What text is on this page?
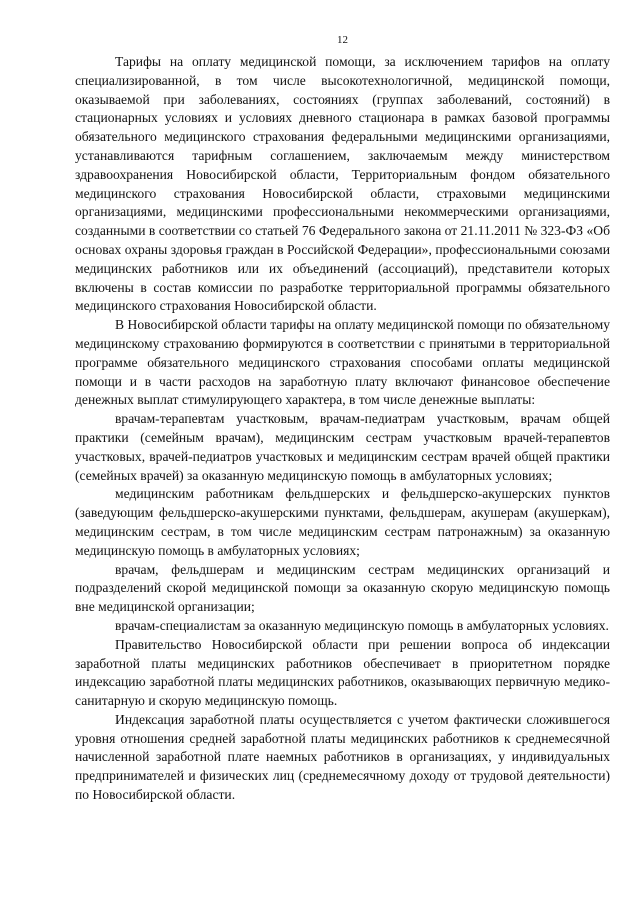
12

Тарифы на оплату медицинской помощи, за исключением тарифов на оплату специализированной, в том числе высокотехнологичной, медицинской помощи, оказываемой при заболеваниях, состояниях (группах заболеваний, состояний) в стационарных условиях и условиях дневного стационара в рамках базовой программы обязательного медицинского страхования федеральными медицинскими организациями, устанавливаются тарифным соглашением, заключаемым между министерством здравоохранения Новосибирской области, Территориальным фондом обязательного медицинского страхования Новосибирской области, страховыми медицинскими организациями, медицинскими профессиональными некоммерческими организациями, созданными в соответствии со статьей 76 Федерального закона от 21.11.2011 № 323-ФЗ «Об основах охраны здоровья граждан в Российской Федерации», профессиональными союзами медицинских работников или их объединений (ассоциаций), представители которых включены в состав комиссии по разработке территориальной программы обязательного медицинского страхования Новосибирской области.

В Новосибирской области тарифы на оплату медицинской помощи по обязательному медицинскому страхованию формируются в соответствии с принятыми в территориальной программе обязательного медицинского страхования способами оплаты медицинской помощи и в части расходов на заработную плату включают финансовое обеспечение денежных выплат стимулирующего характера, в том числе денежные выплаты:

врачам-терапевтам участковым, врачам-педиатрам участковым, врачам общей практики (семейным врачам), медицинским сестрам участковым врачей-терапевтов участковых, врачей-педиатров участковых и медицинским сестрам врачей общей практики (семейных врачей) за оказанную медицинскую помощь в амбулаторных условиях;

медицинским работникам фельдшерских и фельдшерско-акушерских пунктов (заведующим фельдшерско-акушерскими пунктами, фельдшерам, акушерам (акушеркам), медицинским сестрам, в том числе медицинским сестрам патронажным) за оказанную медицинскую помощь в амбулаторных условиях;

врачам, фельдшерам и медицинским сестрам медицинских организаций и подразделений скорой медицинской помощи за оказанную скорую медицинскую помощь вне медицинской организации;

врачам-специалистам за оказанную медицинскую помощь в амбулаторных условиях.

Правительство Новосибирской области при решении вопроса об индексации заработной платы медицинских работников обеспечивает в приоритетном порядке индексацию заработной платы медицинских работников, оказывающих первичную медико-санитарную и скорую медицинскую помощь.

Индексация заработной платы осуществляется с учетом фактически сложившегося уровня отношения средней заработной платы медицинских работников к среднемесячной начисленной заработной плате наемных работников в организациях, у индивидуальных предпринимателей и физических лиц (среднемесячному доходу от трудовой деятельности) по Новосибирской области.
